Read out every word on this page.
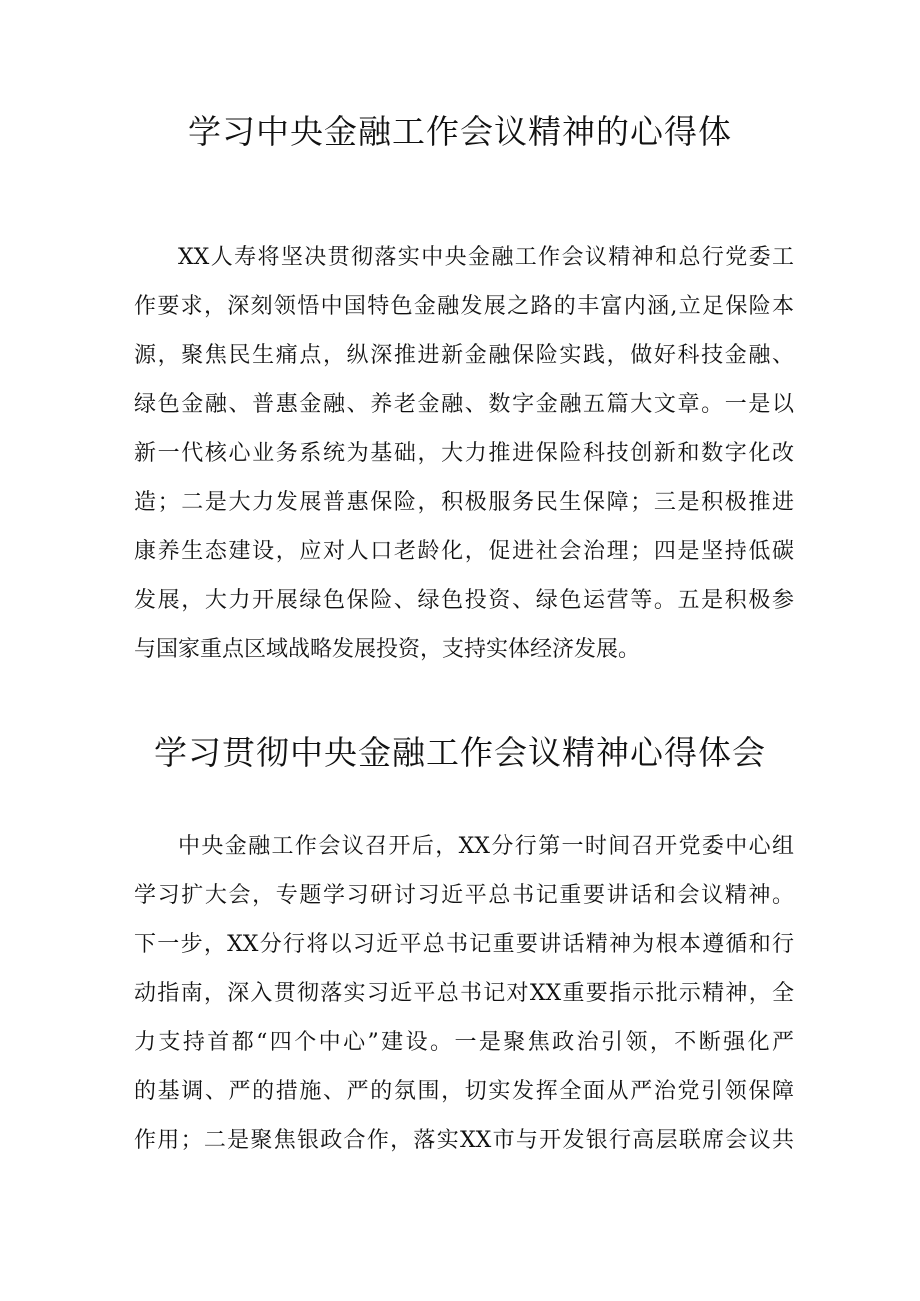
学习中央金融工作会议精神的心得体
XX人寿将坚决贯彻落实中央金融工作会议精神和总行党委工
作要求，深刻领悟中国特色金融发展之路的丰富内涵,立足保险本
源，聚焦民生痛点，纵深推进新金融保险实践，做好科技金融、
绿色金融、普惠金融、养老金融、数字金融五篇大文章。一是以
新一代核心业务系统为基础，大力推进保险科技创新和数字化改
造；二是大力发展普惠保险，积极服务民生保障；三是积极推进
康养生态建设，应对人口老龄化，促进社会治理；四是坚持低碳
发展，大力开展绿色保险、绿色投资、绿色运营等。五是积极参
与国家重点区域战略发展投资，支持实体经济发展。
学习贯彻中央金融工作会议精神心得体会
中央金融工作会议召开后，XX分行第一时间召开党委中心组
学习扩大会，专题学习研讨习近平总书记重要讲话和会议精神。
下一步，XX分行将以习近平总书记重要讲话精神为根本遵循和行
动指南，深入贯彻落实习近平总书记对XX重要指示批示精神，全
力支持首都“四个中心”建设。一是聚焦政治引领，不断强化严
的基调、严的措施、严的氛围，切实发挥全面从严治党引领保障
作用；二是聚焦银政合作，落实XX市与开发银行高层联席会议共
